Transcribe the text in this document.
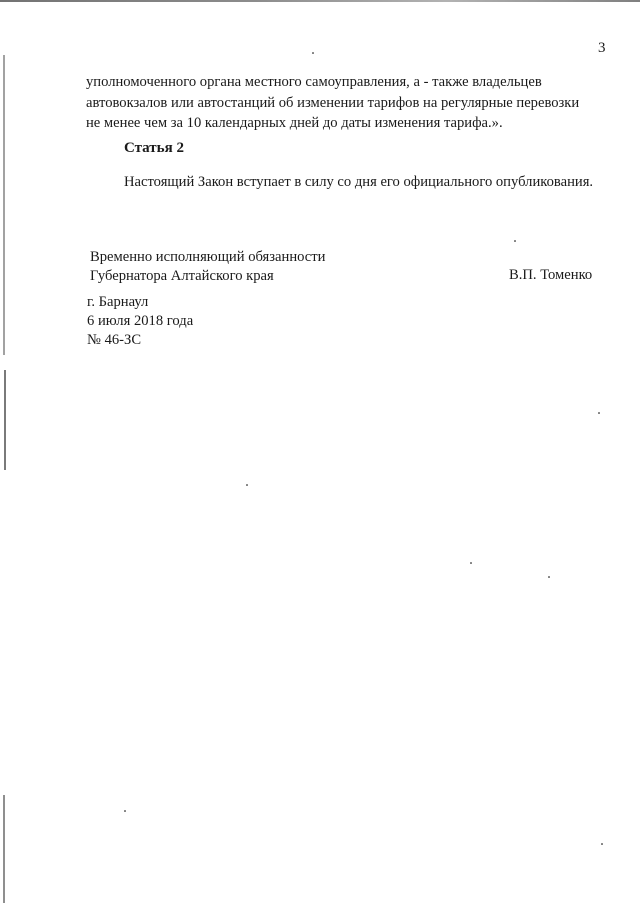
3
уполномоченного органа местного самоуправления, а - также владельцев
автовокзалов или автостанций об изменении тарифов на регулярные перевозки
не менее чем за 10 календарных дней до даты изменения тарифа.».
Статья 2
Настоящий Закон вступает в силу со дня его официального опубликования.
Временно исполняющий обязанности
Губернатора Алтайского края	В.П. Томенко
г. Барнаул
6 июля 2018 года
№ 46-ЗС
